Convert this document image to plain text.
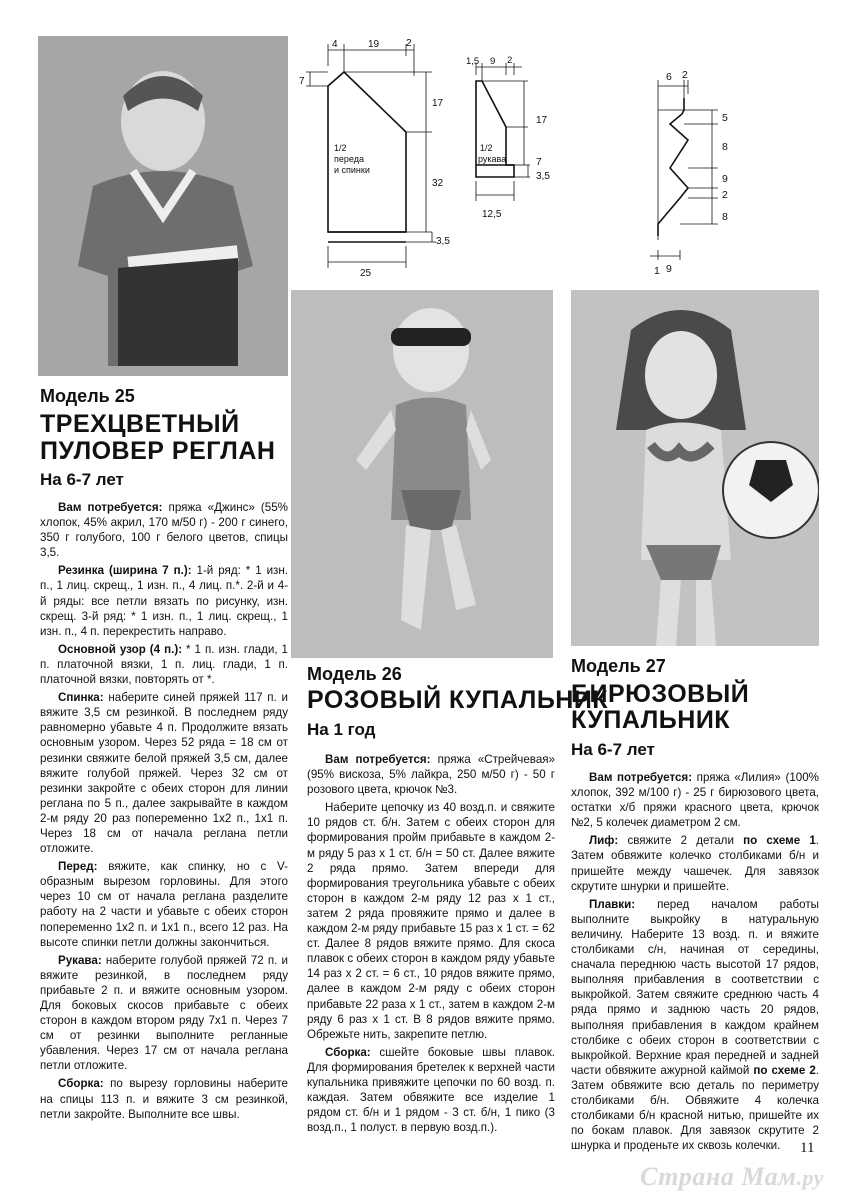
4	19	2
7
17
32
3,5
25
1/2
переда
и спинки
1,5 9 2
17
7
3,5
12,5
1/2
рукава
6 2
5
8
9
2
8
1 9
Модель 25
ТРЕХЦВЕТНЫЙ
ПУЛОВЕР РЕГЛАН
На 6-7 лет

Вам потребуется: пряжа «Джинс» (55% хлопок, 45% акрил, 170 м/50 г) - 200 г синего, 350 г голубого, 100 г белого цветов, спицы 3,5.

Резинка (ширина 7 п.): 1-й ряд: * 1 изн. п., 1 лиц. скрещ., 1 изн. п., 4 лиц. п.*. 2-й и 4-й ряды: все петли вязать по рисунку, изн. скрещ. 3-й ряд: * 1 изн. п., 1 лиц. скрещ., 1 изн. п., 4 п. перекрестить направо.

Основной узор (4 п.): * 1 п. изн. глади, 1 п. платочной вязки, 1 п. лиц. глади, 1 п. платочной вязки, повторять от *.

Спинка: наберите синей пряжей 117 п. и вяжите 3,5 см резинкой. В последнем ряду равномерно убавьте 4 п. Продолжите вязать основным узором. Через 52 ряда = 18 см от резинки свяжите белой пряжей 3,5 см, далее вяжите голубой пряжей. Через 32 см от резинки закройте с обеих сторон для линии реглана по 5 п., далее закрывайте в каждом 2-м ряду 20 раз попеременно 1х2 п., 1х1 п. Через 18 см от начала реглана петли отложите.

Перед: вяжите, как спинку, но с V-образным вырезом горловины. Для этого через 10 см от начала реглана разделите работу на 2 части и убавьте с обеих сторон попеременно 1х2 п. и 1х1 п., всего 12 раз. На высоте спинки петли должны закончиться.

Рукава: наберите голубой пряжей 72 п. и вяжите резинкой, в последнем ряду прибавьте 2 п. и вяжите основным узором. Для боковых скосов прибавьте с обеих сторон в каждом втором ряду 7х1 п. Через 7 см от резинки выполните регланные убавления. Через 17 см от начала реглана петли отложите.

Сборка: по вырезу горловины наберите на спицы 113 п. и вяжите 3 см резинкой, петли закройте. Выполните все швы.

Модель 26
РОЗОВЫЙ КУПАЛЬНИК
На 1 год

Вам потребуется: пряжа «Стрейчевая» (95% вискоза, 5% лайкра, 250 м/50 г) - 50 г розового цвета, крючок №3.

Наберите цепочку из 40 возд.п. и свяжите 10 рядов ст. б/н. Затем с обеих сторон для формирования пройм прибавьте в каждом 2-м ряду 5 раз х 1 ст. б/н = 50 ст. Далее вяжите 2 ряда прямо. Затем впереди для формирования треугольника убавьте с обеих сторон в каждом 2-м ряду 12 раз х 1 ст., затем 2 ряда провяжите прямо и далее в каждом 2-м ряду прибавьте 15 раз х 1 ст. = 62 ст. Далее 8 рядов вяжите прямо. Для скоса плавок с обеих сторон в каждом ряду убавьте 14 раз х 2 ст. = 6 ст., 10 рядов вяжите прямо, далее в каждом 2-м ряду с обеих сторон прибавьте 22 раза х 1 ст., затем в каждом 2-м ряду 6 раз х 1 ст. В 8 рядов вяжите прямо. Обрежьте нить, закрепите петлю.

Сборка: сшейте боковые швы плавок. Для формирования бретелек к верхней части купальника привяжите цепочки по 60 возд. п. каждая. Затем обвяжите все изделие 1 рядом ст. б/н и 1 рядом - 3 ст. б/н, 1 пико (3 возд.п., 1 полуст. в первую возд.п.).

Модель 27
БИРЮЗОВЫЙ
КУПАЛЬНИК
На 6-7 лет

Вам потребуется: пряжа «Лилия» (100% хлопок, 392 м/100 г) - 25 г бирюзового цвета, остатки х/б пряжи красного цвета, крючок №2, 5 колечек диаметром 2 см.

Лиф: свяжите 2 детали по схеме 1. Затем обвяжите колечко столбиками б/н и пришейте между чашечек. Для завязок скрутите шнурки и пришейте.

Плавки: перед началом работы выполните выкройку в натуральную величину. Наберите 13 возд. п. и вяжите столбиками с/н, начиная от середины, сначала переднюю часть высотой 17 рядов, выполняя прибавления в соответствии с выкройкой. Затем свяжите среднюю часть 4 ряда прямо и заднюю часть 20 рядов, выполняя прибавления в каждом крайнем столбике с обеих сторон в соответствии с выкройкой. Верхние края передней и задней части обвяжите ажурной каймой по схеме 2. Затем обвяжите всю деталь по периметру столбиками б/н. Обвяжите 4 колечка столбиками б/н красной нитью, пришейте их по бокам плавок. Для завязок скрутите 2 шнурка и проденьте их сквозь колечки.	11
Страна Мам.ру
